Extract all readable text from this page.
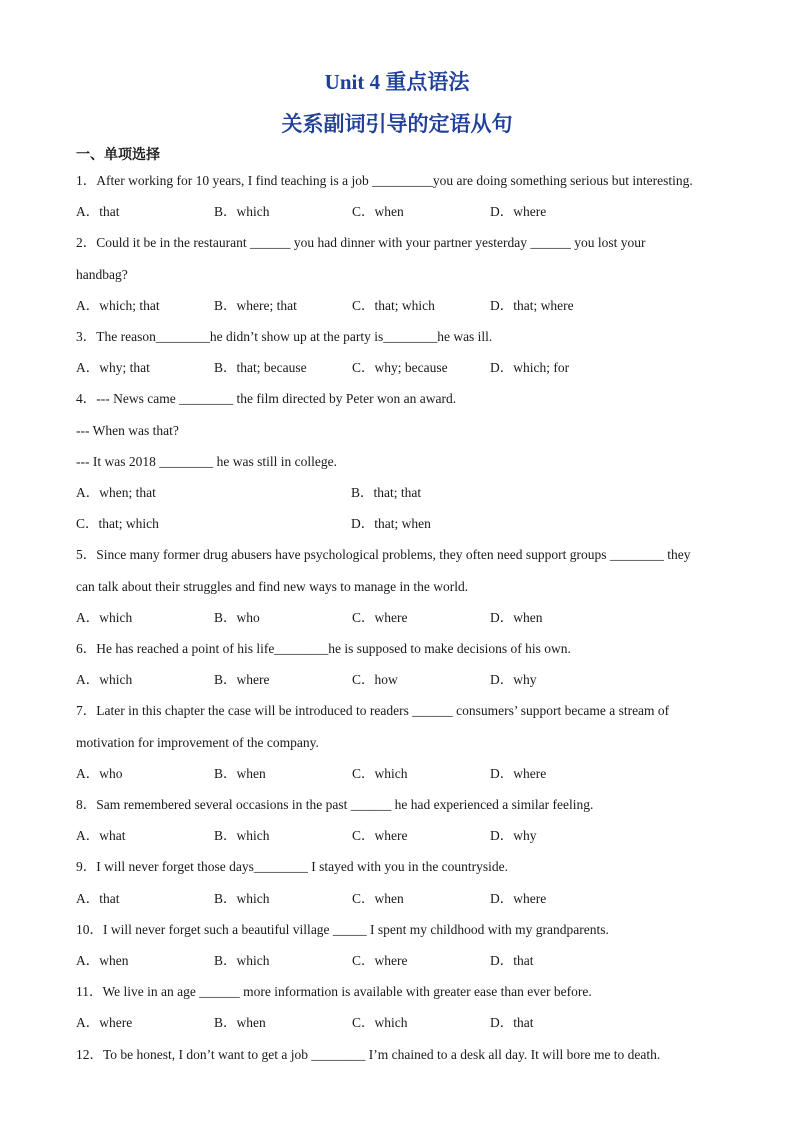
Unit 4 重点语法
关系副词引导的定语从句
一、单项选择
1．After working for 10 years, I find teaching is a job _________you are doing something serious but interesting.
A．that	B．which	C．when	D．where
2．Could it be in the restaurant ______ you had dinner with your partner yesterday ______ you lost your
handbag?
A．which; that	B．where; that	C．that; which	D．that; where
3．The reason________he didn’t show up at the party is________he was ill.
A．why; that	B．that; because	C．why; because	D．which; for
4．--- News came ________ the film directed by Peter won an award.
--- When was that?
--- It was 2018 ________ he was still in college.
A．when; that	B．that; that
C．that; which	D．that; when
5．Since many former drug abusers have psychological problems, they often need support groups ________ they
can talk about their struggles and find new ways to manage in the world.
A．which	B．who	C．where	D．when
6．He has reached a point of his life________he is supposed to make decisions of his own.
A．which	B．where	C．how	D．why
7．Later in this chapter the case will be introduced to readers ______ consumers’ support became a stream of
motivation for improvement of the company.
A．who	B．when	C．which	D．where
8．Sam remembered several occasions in the past ______ he had experienced a similar feeling.
A．what	B．which	C．where	D．why
9．I will never forget those days________ I stayed with you in the countryside.
A．that	B．which	C．when	D．where
10．I will never forget such a beautiful village _____ I spent my childhood with my grandparents.
A．when	B．which	C．where	D．that
11．We live in an age ______ more information is available with greater ease than ever before.
A．where	B．when	C．which	D．that
12．To be honest, I don’t want to get a job ________ I’m chained to a desk all day. It will bore me to death.
